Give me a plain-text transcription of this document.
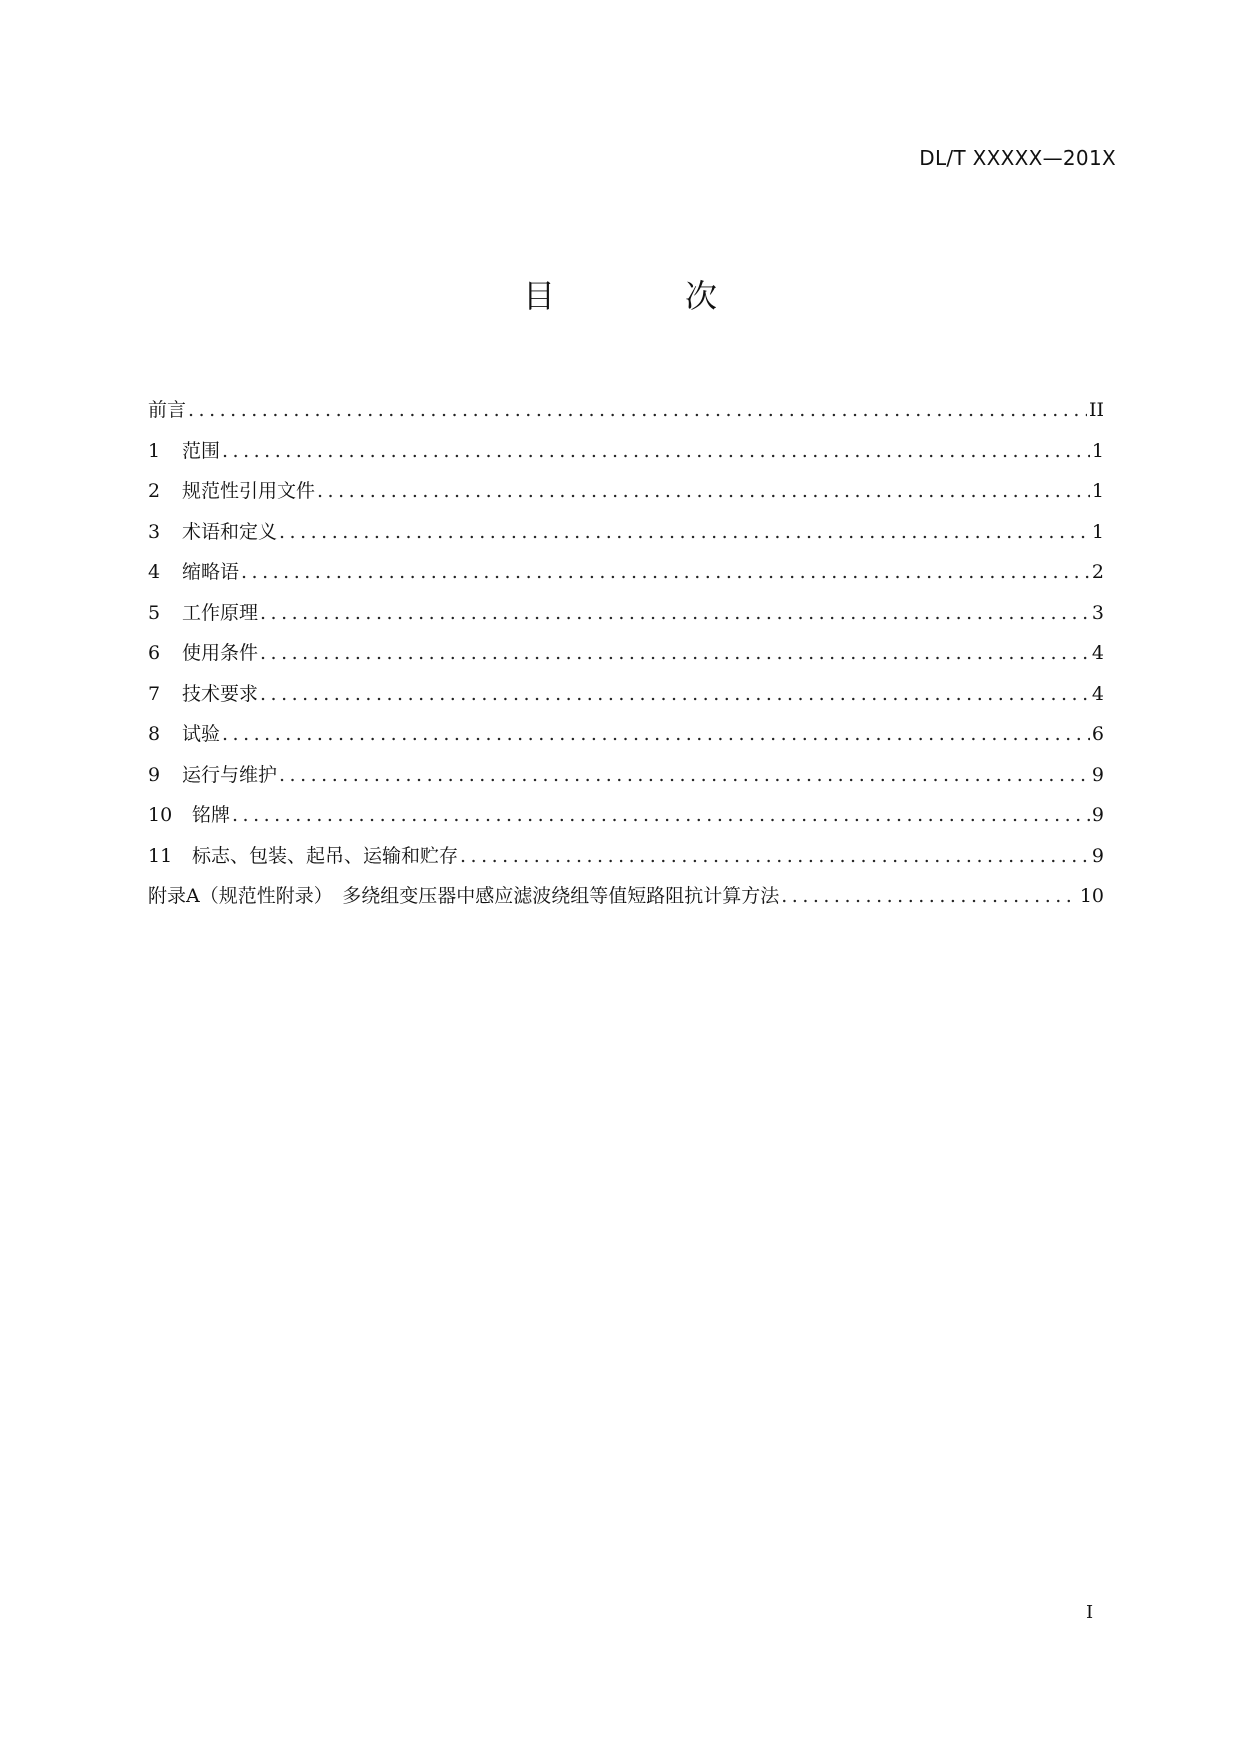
DL/T XXXXX—201X
目	次
前言 .....	II
1	范围 .....	1
2	规范性引用文件 .....	1
3	术语和定义 .....	1
4	缩略语 .....	2
5	工作原理 .....	3
6	使用条件 .....	4
7	技术要求 .....	4
8	试验 .....	6
9	运行与维护 .....	9
10	铭牌 .....	9
11	标志、包装、起吊、运输和贮存 .....	9
附录A（规范性附录）　多绕组变压器中感应滤波绕组等值短路阻抗计算方法 .....	10
I
